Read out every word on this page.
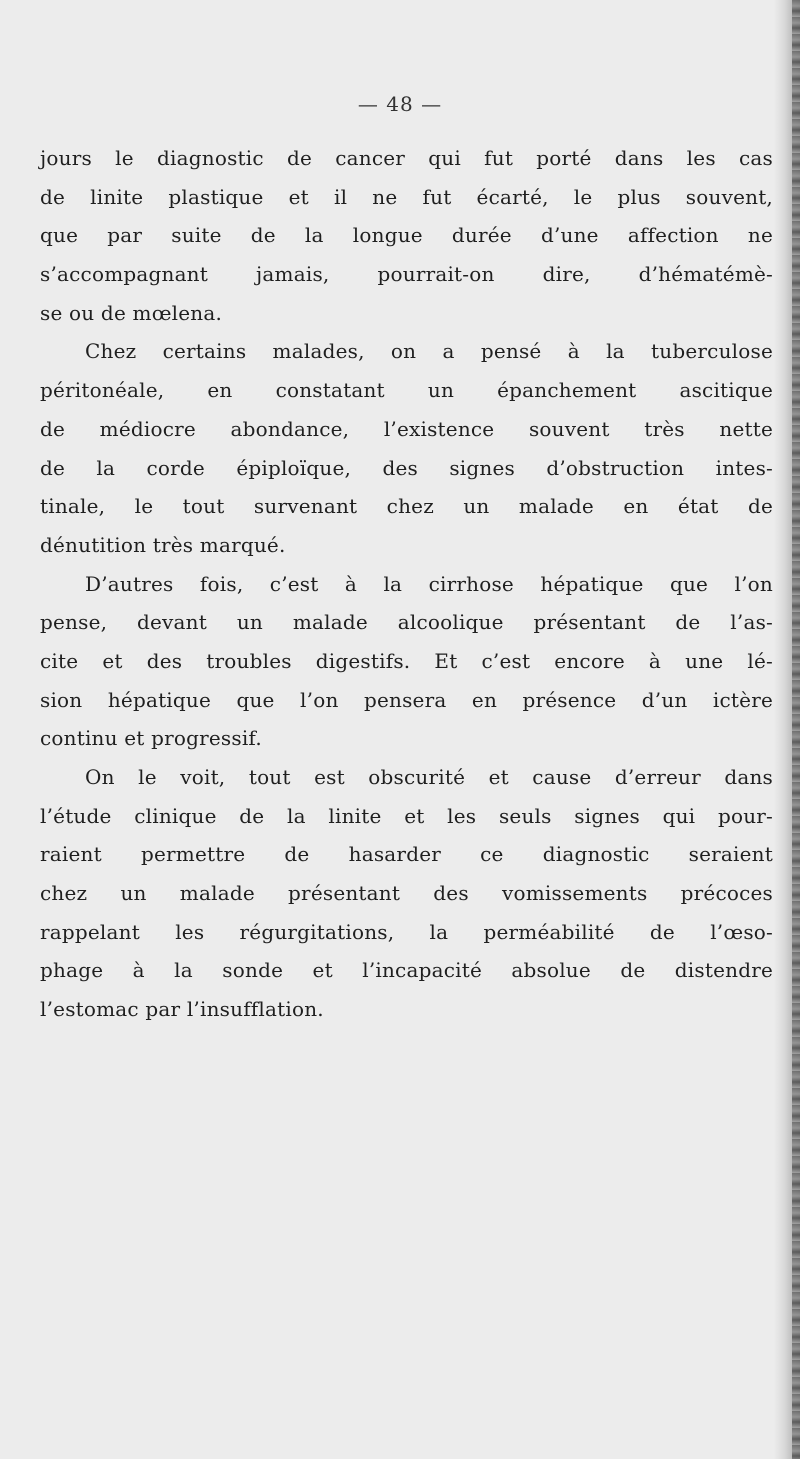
— 48 —
jours le diagnostic de cancer qui fut porté dans les cas
de linite plastique et il ne fut écarté, le plus souvent,
que par suite de la longue durée d’une affection ne
s’accompagnant jamais, pourrait-on dire, d’hématémè-
se ou de mœlena.
Chez certains malades, on a pensé à la tuberculose
péritonéale, en constatant un épanchement ascitique
de médiocre abondance, l’existence souvent très nette
de la corde épiploïque, des signes d’obstruction intes-
tinale, le tout survenant chez un malade en état de
dénutition très marqué.
D’autres fois, c’est à la cirrhose hépatique que l’on
pense, devant un malade alcoolique présentant de l’as-
cite et des troubles digestifs. Et c’est encore à une lé-
sion hépatique que l’on pensera en présence d’un ictère
continu et progressif.
On le voit, tout est obscurité et cause d’erreur dans
l’étude clinique de la linite et les seuls signes qui pour-
raient permettre de hasarder ce diagnostic seraient
chez un malade présentant des vomissements précoces
rappelant les régurgitations, la perméabilité de l’œso-
phage à la sonde et l’incapacité absolue de distendre
l’estomac par l’insufflation.
